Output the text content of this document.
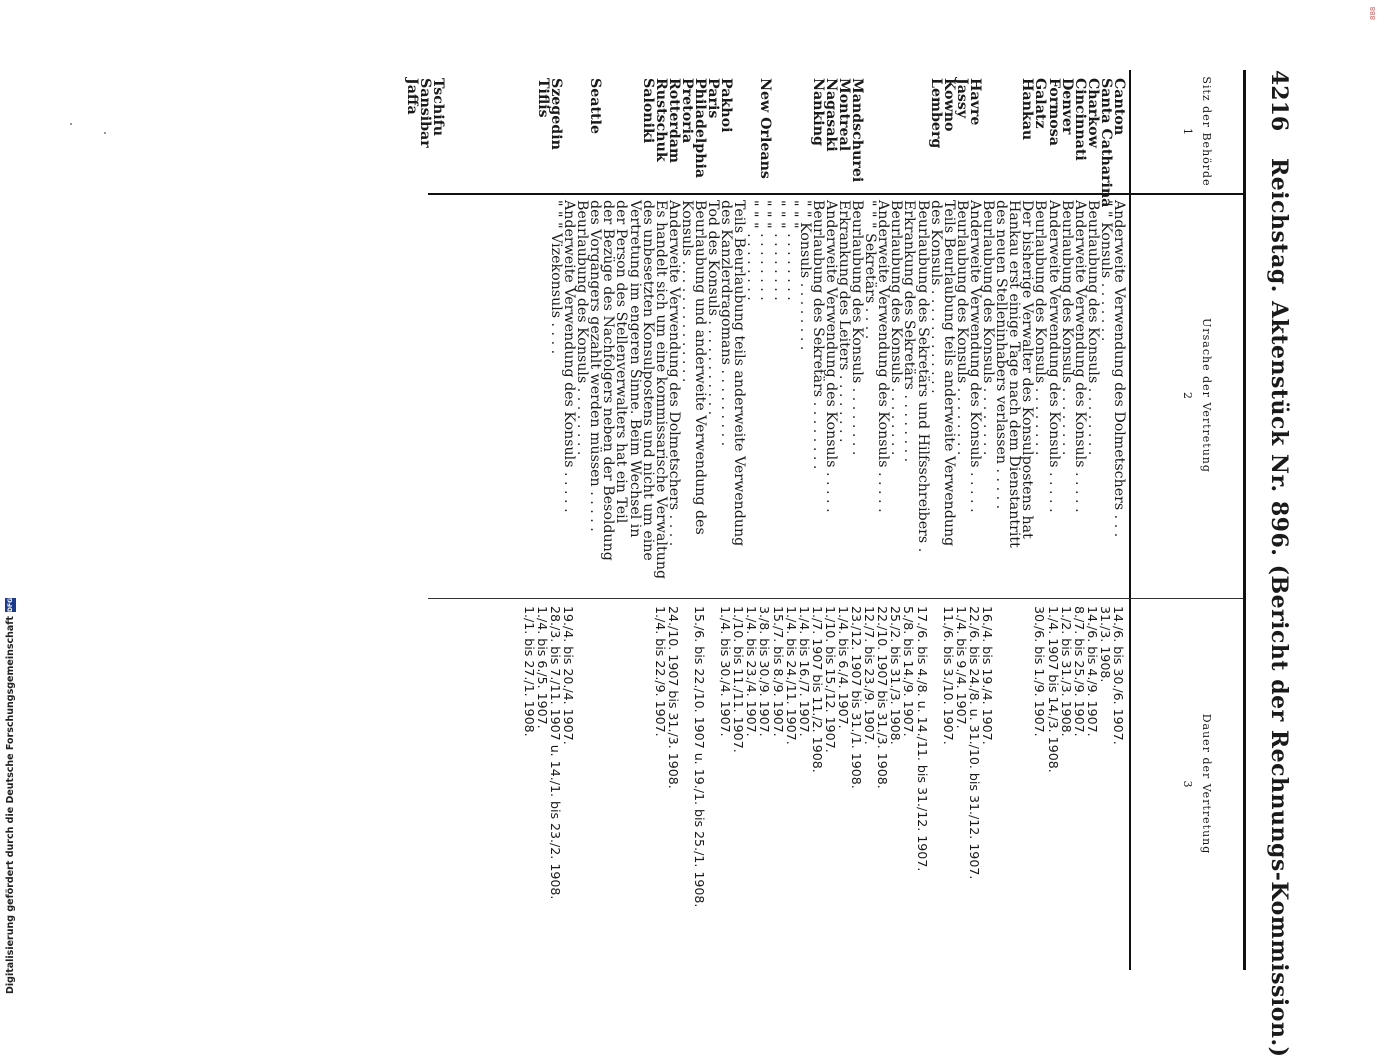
4216
Reichstag. Aktenstück Nr. 896. (Bericht der Rechnungs-Kommission.)
Sitz der Behörde
1
Ursache der Vertretung
2
Dauer der Vertretung
3
Canton
Santa Catharina
Charkow
Cincinnati
Denver
Formosa
Galatz
Hankau
Havre
Jassy
Kowno
Lemberg
Mandschurei
Montreal
Nagasaki
Nanking
New Orleans
Pakhoi
Paris
Philadelphia
Pretoria
Rotterdam
Rustschuk
Saloniki
Seattle
Szegedin
Tiflis
Tschifu
Sansibar
Jaffa
Anderweite Verwendung des Dolmetschers . . .
" " Konsuls . . . . . . .
Beurlaubung des Konsuls . . . . . . . .
Anderweite Verwendung des Konsuls . . . . .
Beurlaubung des Konsuls . . . . . . . .
Anderweite Verwendung des Konsuls . . . . .
Beurlaubung des Konsuls . . . . . . . .
Der bisherige Verwalter des Konsulpostens hat
Hankau erst einige Tage nach dem Dienstantritt
des neuen Stelleninhabers verlassen . . . . .
Beurlaubung des Konsuls . . . . . . . .
Anderweite Verwendung des Konsuls . . . . .
Beurlaubung des Konsuls . . . . . . . .
Teils Beurlaubung teils anderweite Verwendung
des Konsuls . . . . . . . . . . . .
Beurlaubung des Sekretärs und Hilfsschreibers .
Erkrankung des Sekretärs . . . . . . . .
Beurlaubung des Konsuls . . . . . . . .
Anderweite Verwendung des Konsuls . . . . .
" " " Sekretärs . . . .
Beurlaubung des Konsuls . . . . . . . .
Erkrankung des Leiters . . . . . . . .
Anderweite Verwendung des Konsuls . . . . .
Beurlaubung des Sekretärs . . . . . . . .
" " Konsuls . . . . . . . .
" " " . . . . . . . .
" " " . . . . . . . .
" " " . . . . . . . .
" " " . . . . . . . .
Teils Beurlaubung teils anderweite Verwendung
des Kanzlerdragomans . . . . . . . . .
Tod des Konsuls . . . . . . . . . . .
Beurlaubung und anderweite Verwendung des
Konsuls . . . . . . . . . . . . . .
Anderweite Verwendung des Dolmetschers . . . .
Es handelt sich um eine kommissarische Verwaltung
des unbesetzten Konsulpostens und nicht um eine
Vertretung im engeren Sinne. Beim Wechsel in
der Person des Stellenverwalters hat ein Teil
der Bezüge des Nachfolgers neben der Besoldung
des Vorgängers gezahlt werden müssen . . . . .
Beurlaubung des Konsuls . . . . . . . .
Anderweite Verwendung des Konsuls . . . . .
" " " Vizekonsuls . . . .
14./6. bis 30./6. 1907.
31./3. 1908.
14./6. bis 4./9. 1907.
8./7. bis 25./9. 1907.
1./2. bis 31./3. 1908.
1./4. 1907 bis 14./3. 1908.
30./6. bis 1./9. 1907.
16./4. bis 19./4. 1907.
22./6. bis 24./8. u. 31./10. bis 31./12. 1907.
1./4. bis 9./4. 1907.
11./6. bis 3./10. 1907.
17./6. bis 4./8. u. 14./11. bis 31./12. 1907.
5./8. bis 14./9. 1907.
25./2. bis 31./3. 1908.
22./10. 1907 bis 31./3. 1908.
12./7. bis 23./9. 1907.
23./12. 1907 bis 31./1. 1908.
1./4. bis 6./4. 1907.
1./10. bis 15./12. 1907.
1./7. 1907 bis 11./2. 1908.
1./4. bis 16./7. 1907.
1./4. bis 24./11. 1907.
15./7. bis 8./9. 1907.
3./8. bis 30./9. 1907.
1./4. bis 23./4. 1907.
1./10. bis 11./11. 1907.
1./4. bis 30./4. 1907.
15./6. bis 22./10. 1907 u. 19./1. bis 25./1. 1908.
24./10. 1907 bis 31./3. 1908.
1./4. bis 22./9. 1907.
19./4. bis 20./4. 1907.
28./3. bis 7./11. 1907 u. 14./1. bis 23./2. 1908.
1./4. bis 6./5. 1907.
1./1. bis 27./1. 1908.
Digitalisierung gefördert durch die Deutsche Forschungsgemeinschaft
DFG
888
